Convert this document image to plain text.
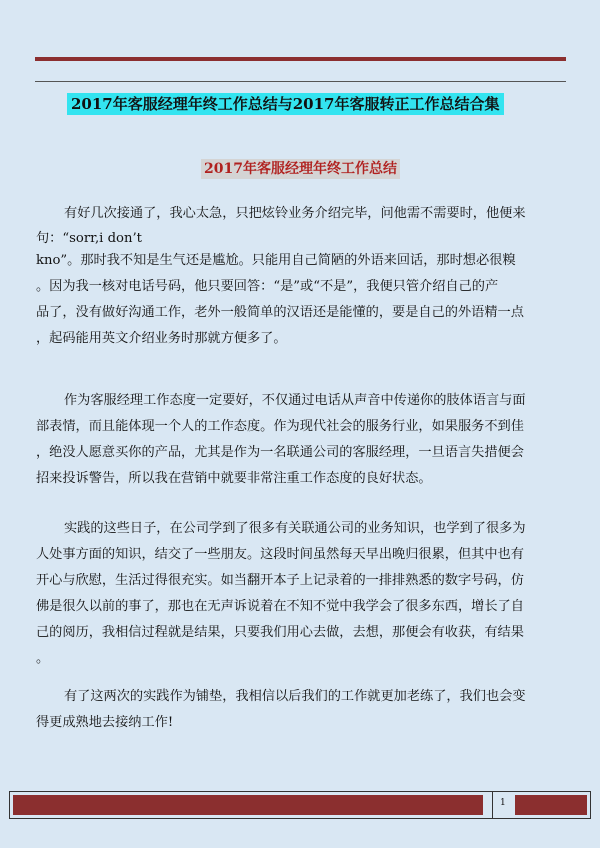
2017年客服经理年终工作总结与2017年客服转正工作总结合集
2017年客服经理年终工作总结
有好几次接通了，我心太急，只把炫铃业务介绍完毕，问他需不需要时，他便来
句：“sorr,i don’t
kno”。那时我不知是生气还是尴尬。只能用自己简陋的外语来回话，那时想必很糗
。因为我一核对电话号码，他只要回答：“是”或“不是”，我便只管介绍自己的产
品了，没有做好沟通工作，老外一般简单的汉语还是能懂的，要是自己的外语精一点
，起码能用英文介绍业务时那就方便多了。
作为客服经理工作态度一定要好，不仅通过电话从声音中传递你的肢体语言与面
部表情，而且能体现一个人的工作态度。作为现代社会的服务行业，如果服务不到佳
，绝没人愿意买你的产品，尤其是作为一名联通公司的客服经理，一旦语言失措便会
招来投诉警告，所以我在营销中就要非常注重工作态度的良好状态。
实践的这些日子，在公司学到了很多有关联通公司的业务知识，也学到了很多为
人处事方面的知识，结交了一些朋友。这段时间虽然每天早出晚归很累，但其中也有
开心与欣慰，生活过得很充实。如当翻开本子上记录着的一排排熟悉的数字号码，仿
佛是很久以前的事了，那也在无声诉说着在不知不觉中我学会了很多东西，增长了自
己的阅历，我相信过程就是结果，只要我们用心去做，去想，那便会有收获，有结果
。
有了这两次的实践作为铺垫，我相信以后我们的工作就更加老练了，我们也会变
得更成熟地去接纳工作!
1
